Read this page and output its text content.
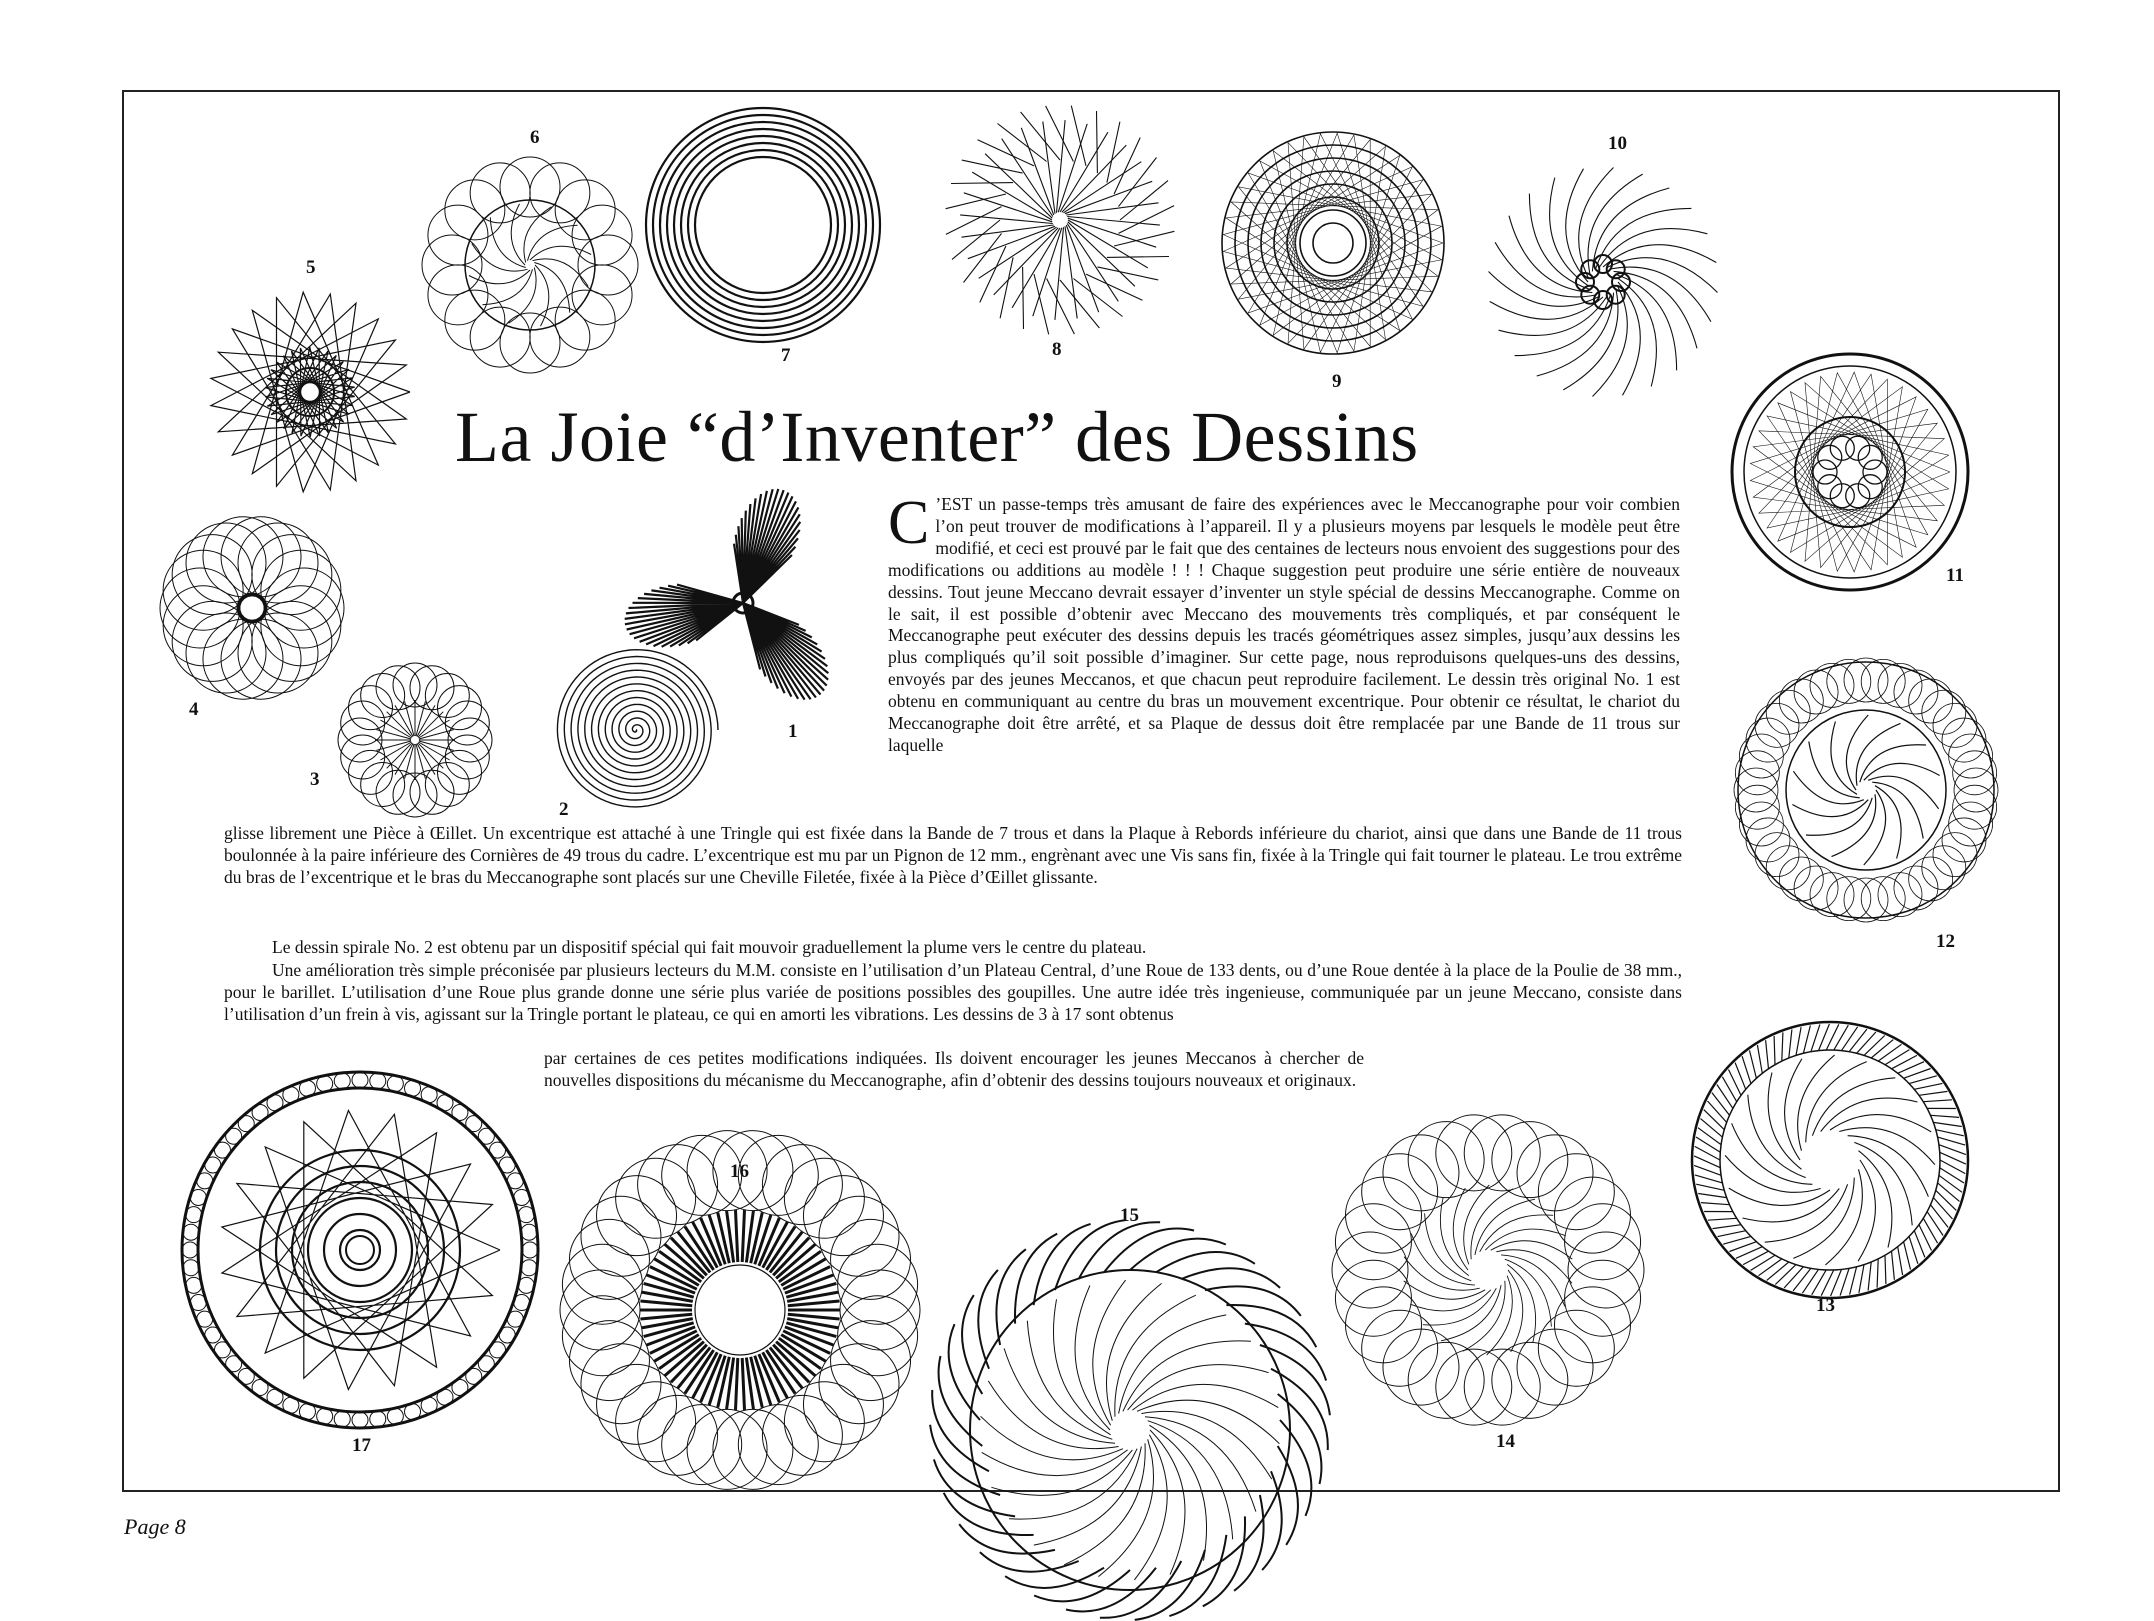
La Joie “d’Inventer” des Dessins
1
2
3
4
5
6
7	8
9
10
11
12
13
14
15
16
17
C ’EST un passe-temps très amusant de faire des expériences avec le Meccanographe pour voir combien l’on peut trouver de modifications à l’appareil. Il y a plusieurs moyens par lesquels le modèle peut être modifié, et ceci est prouvé par le fait que des centaines de lecteurs nous envoient des suggestions pour des modifications ou additions au modèle ! ! ! Chaque suggestion peut produire une série entière de nouveaux dessins. Tout jeune Meccano devrait essayer d’inventer un style spécial de dessins Meccanographe. Comme on le sait, il est possible d’obtenir avec Meccano des mouvements très compliqués, et par conséquent le Meccanographe peut exécuter des dessins depuis les tracés géométriques assez simples, jusqu’aux dessins les plus compliqués qu’il soit possible d’imaginer. Sur cette page, nous reproduisons quelques-uns des dessins, envoyés par des jeunes Meccanos, et que chacun peut reproduire facilement. Le dessin très original No. 1 est obtenu en communiquant au centre du bras un mouvement excentrique. Pour obtenir ce résultat, le chariot du Meccanographe doit être arrêté, et sa Plaque de dessus doit être remplacée par une Bande de 11 trous sur laquelle
glisse librement une Pièce à Œillet. Un excentrique est attaché à une Tringle qui est fixée dans la Bande de 7 trous et dans la Plaque à Rebords inférieure du chariot, ainsi que dans une Bande de 11 trous boulonnée à la paire inférieure des Cornières de 49 trous du cadre. L’excentrique est mu par un Pignon de 12 mm., engrènant avec une Vis sans fin, fixée à la Tringle qui fait tourner le plateau. Le trou extrême du bras de l’excentrique et le bras du Meccanographe sont placés sur une Cheville Filetée, fixée à la Pièce d’Œillet glissante.
Le dessin spirale No. 2 est obtenu par un dispositif spécial qui fait mouvoir graduellement la plume vers le centre du plateau.
Une amélioration très simple préconisée par plusieurs lecteurs du M.M. consiste en l’utilisation d’un Plateau Central, d’une Roue de 133 dents, ou d’une Roue dentée à la place de la Poulie de 38 mm., pour le barillet. L’utilisation d’une Roue plus grande donne une série plus variée de positions possibles des goupilles. Une autre idée très ingenieuse, communiquée par un jeune Meccano, consiste dans l’utilisation d’un frein à vis, agissant sur la Tringle portant le plateau, ce qui en amorti les vibrations. Les dessins de 3 à 17 sont obtenus
par certaines de ces petites modifications indiquées. Ils doivent encourager les jeunes Meccanos à chercher de nouvelles dispositions du mécanisme du Meccanographe, afin d’obtenir des dessins toujours nouveaux et originaux.
Page 8
